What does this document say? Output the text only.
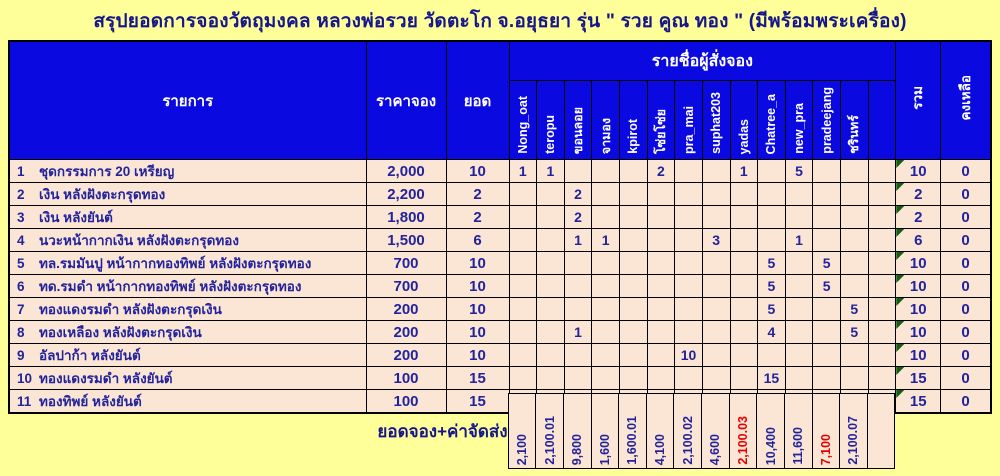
สรุปยอดการจองวัตถุมงคล หลวงพ่อรวย วัดตะโก จ.อยุธยา รุ่น " รวย คูณ ทอง " (มีพร้อมพระเครื่อง)
รายการ	ราคาจอง	ยอด	รายชื่อผู้สั่งจอง														รวม	คงเหลือ
			Nong_oat	teropu	ขอนลอย	จามอง	kpirot	โซ่ยโซ่ย	pra_mai	suphat203	yadas	Chatree_a	new_pra	pradeejang	ชรินทร์			
1 ชุดกรรมการ 20 เหรียญ	2,000	10	1	1				2			1		5				10	0
2 เงิน หลังฝังตะกรุดทอง	2,200	2			2												2	0
3 เงิน หลังยันต์	1,800	2			2												2	0
4 นวะหน้ากากเงิน หลังฝังตะกรุดทอง	1,500	6			1	1				3			1				6	0
5 ทล.รมมันปู หน้ากากทองทิพย์ หลังฝังตะกรุดทอง	700	10										5		5			10	0
6 ทด.รมดำ หน้ากากทองทิพย์ หลังฝังตะกรุดทอง	700	10										5		5			10	0
7 ทองแดงรมดำ หลังฝังตะกรุดเงิน	200	10										5			5		10	0
8 ทองเหลือง หลังฝังตะกรุดเงิน	200	10			1							4			5		10	0
9 อัลปาก้า หลังยันต์	200	10							10								10	0
10 ทองแดงรมดำ หลังยันต์	100	15										15					15	0
11 ทองทิพย์ หลังยันต์	100	15															15	0
ยอดจอง+ค่าจัดส่ง	2,100	2,100.01	9,800	1,600	1,600.01	4,100	2,100.02	4,600	2,100.03	10,400	11,600	7,100	2,100.07		
